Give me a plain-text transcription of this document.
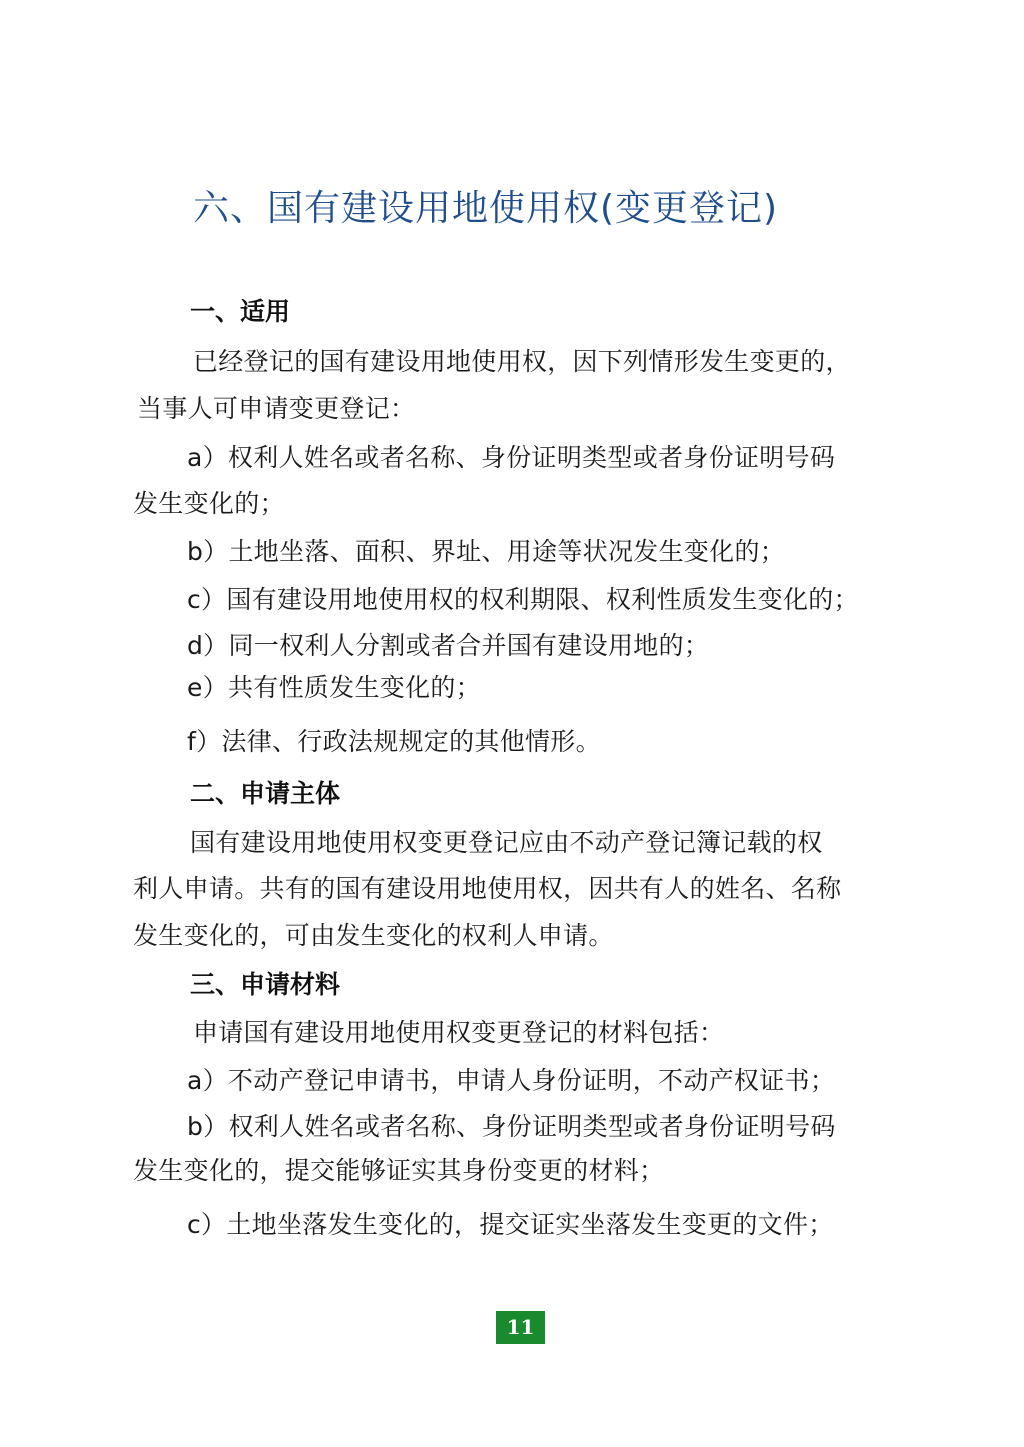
六、国有建设用地使用权(变更登记)
一、适用
已经登记的国有建设用地使用权，因下列情形发生变更的，
当事人可申请变更登记：
a）权利人姓名或者名称、身份证明类型或者身份证明号码
发生变化的；
b）土地坐落、面积、界址、用途等状况发生变化的；
c）国有建设用地使用权的权利期限、权利性质发生变化的；
d）同一权利人分割或者合并国有建设用地的；
e）共有性质发生变化的；
f）法律、行政法规规定的其他情形。
二、申请主体
国有建设用地使用权变更登记应由不动产登记簿记载的权
利人申请。共有的国有建设用地使用权，因共有人的姓名、名称
发生变化的，可由发生变化的权利人申请。
三、申请材料
申请国有建设用地使用权变更登记的材料包括：
a）不动产登记申请书，申请人身份证明，不动产权证书；
b）权利人姓名或者名称、身份证明类型或者身份证明号码
发生变化的，提交能够证实其身份变更的材料；
c）土地坐落发生变化的，提交证实坐落发生变更的文件；
11
